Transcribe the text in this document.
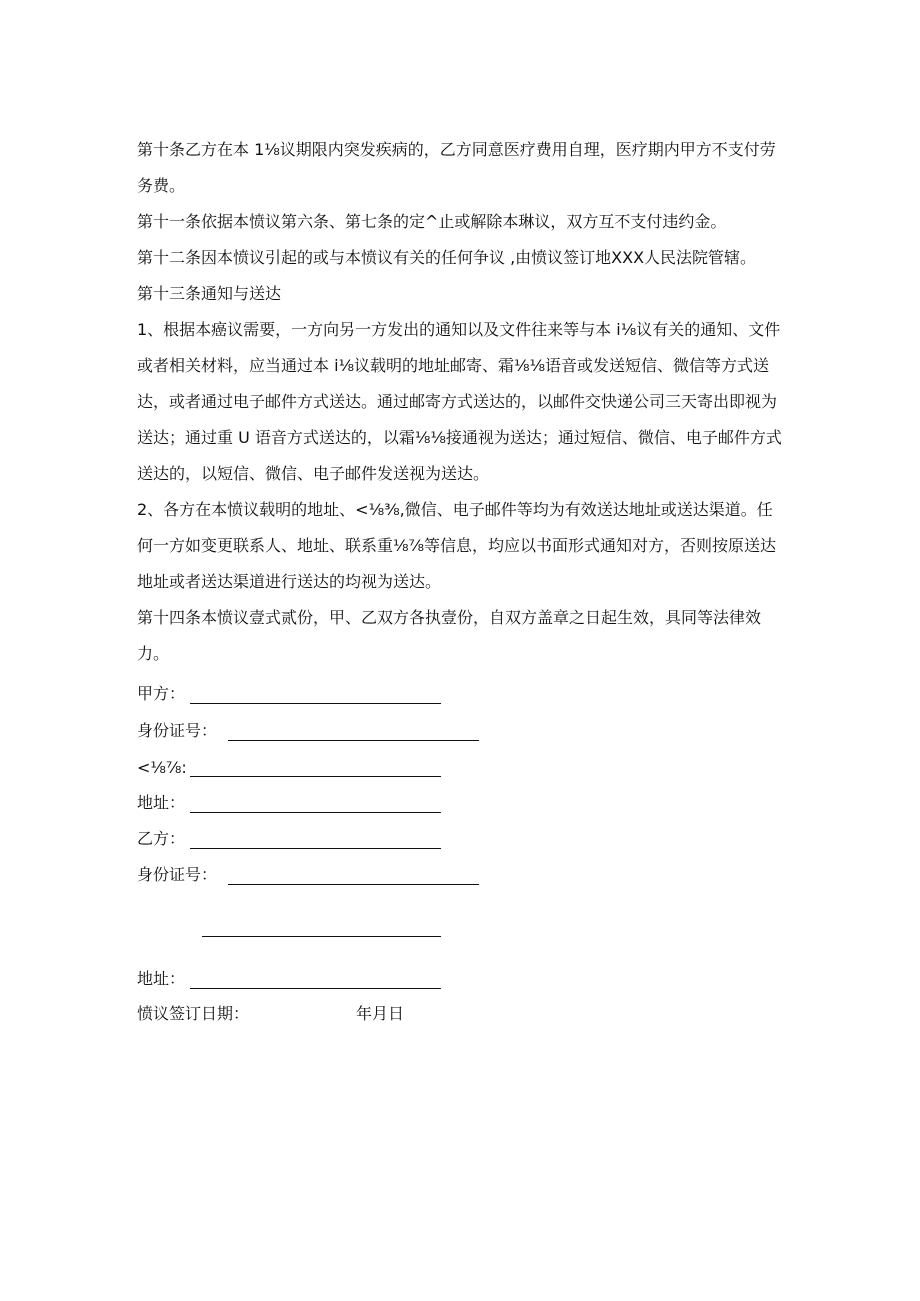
第十条乙方在本 1⅛议期限内突发疾病的，乙方同意医疗费用自理，医疗期内甲方不支付劳务费。

第十一条依据本愤议第六条、第七条的定^止或解除本琳议，双方互不支付违约金。

第十二条因本愤议引起的或与本愤议有关的任何争议 ,由愤议签订地XXX人民法院管辖。

第十三条通知与送达

1、根据本癌议需要，一方向另一方发出的通知以及文件往来等与本 i⅛议有关的通知、文件或者相关材料，应当通过本 i⅛议载明的地址邮寄、霜⅛⅛语音或发送短信、微信等方式送达，或者通过电子邮件方式送达。通过邮寄方式送达的，以邮件交快递公司三天寄出即视为送达；通过重 U 语音方式送达的，以霜⅛⅛接通视为送达；通过短信、微信、电子邮件方式送达的，以短信、微信、电子邮件发送视为送达。

2、各方在本愤议载明的地址、<⅛⅜,微信、电子邮件等均为有效送达地址或送达渠道。任何一方如变更联系人、地址、联系重⅛⅞等信息，均应以书面形式通知对方，否则按原送达地址或者送达渠道进行送达的均视为送达。

第十四条本愤议壹式贰份，甲、乙双方各执壹份，自双方盖章之日起生效，具同等法律效力。

甲方：
身份证号：
<⅛⅞:
地址：
乙方：
身份证号：
地址：
愤议签订日期：	年月日
